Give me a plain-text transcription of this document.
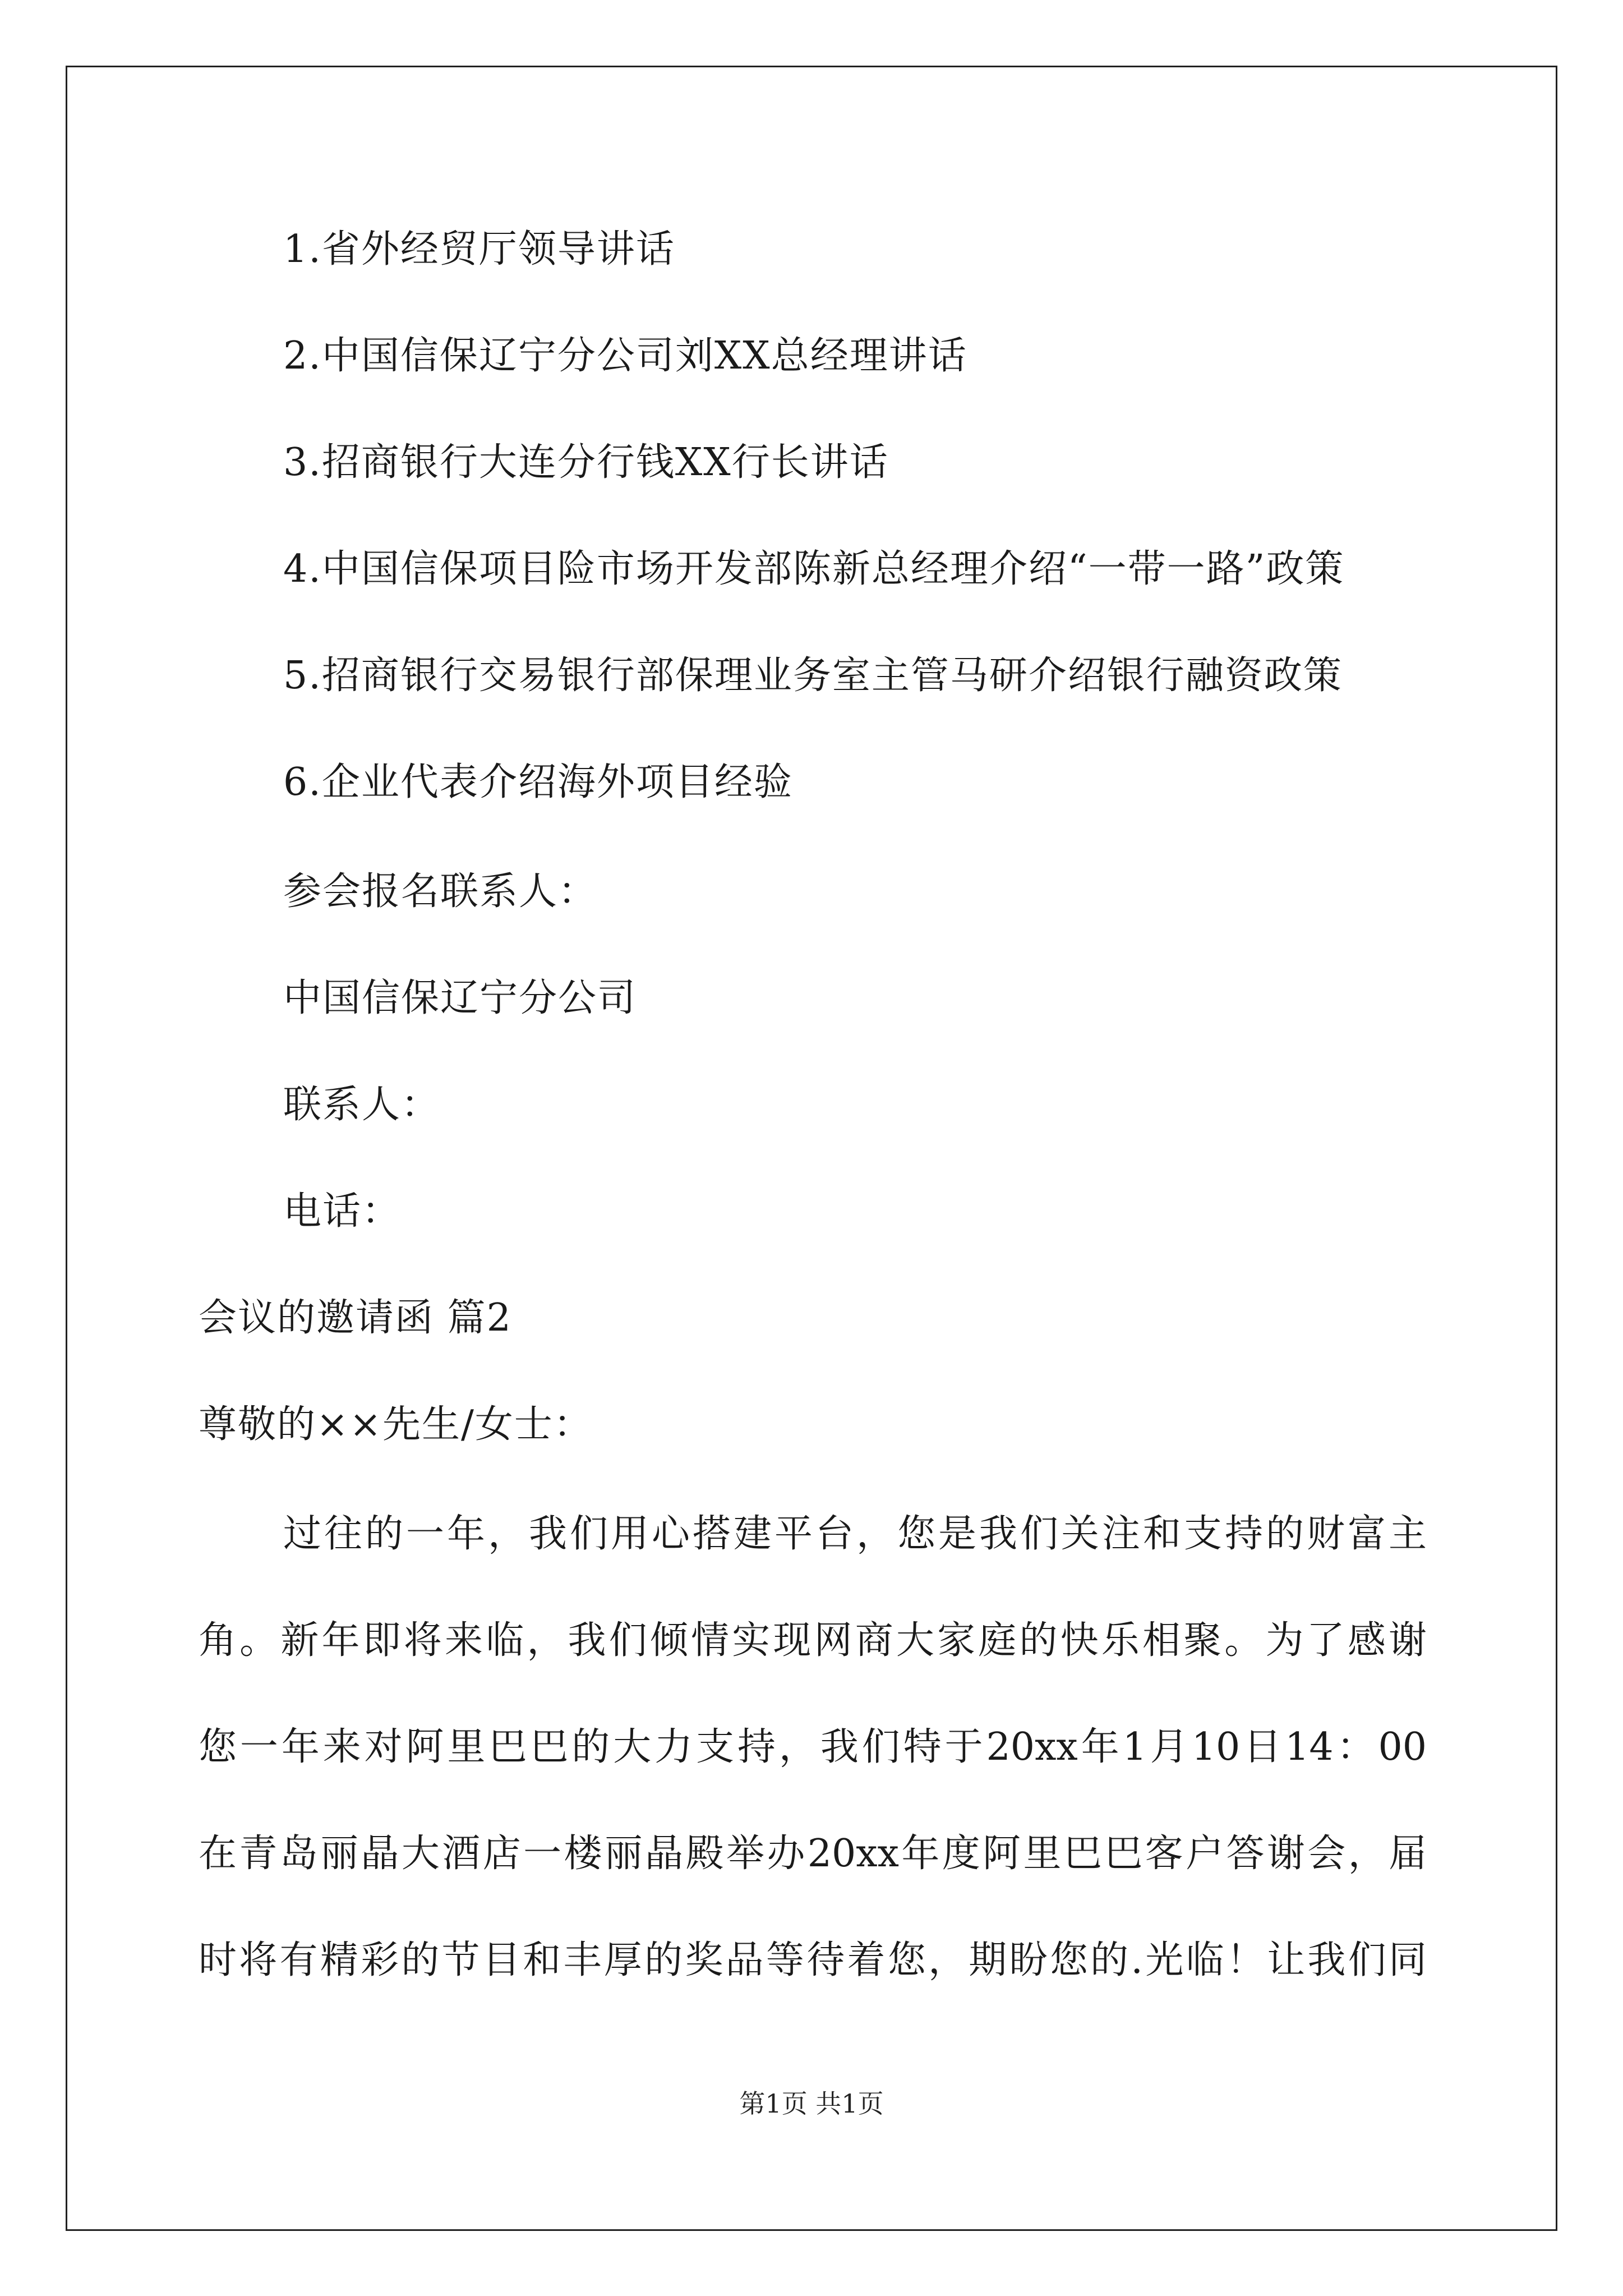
1.省外经贸厅领导讲话
2.中国信保辽宁分公司刘XX总经理讲话
3.招商银行大连分行钱XX行长讲话
4.中国信保项目险市场开发部陈新总经理介绍“一带一路”政策
5.招商银行交易银行部保理业务室主管马研介绍银行融资政策
6.企业代表介绍海外项目经验
参会报名联系人：
中国信保辽宁分公司
联系人：
电话：
会议的邀请函 篇2
尊敬的××先生/女士：
过往的一年，我们用心搭建平台，您是我们关注和支持的财富主
角。新年即将来临，我们倾情实现网商大家庭的快乐相聚。为了感谢
您一年来对阿里巴巴的大力支持，我们特于20xx年1月10日14：00
在青岛丽晶大酒店一楼丽晶殿举办20xx年度阿里巴巴客户答谢会，届
时将有精彩的节目和丰厚的奖品等待着您，期盼您的.光临！让我们同
第1页 共1页
